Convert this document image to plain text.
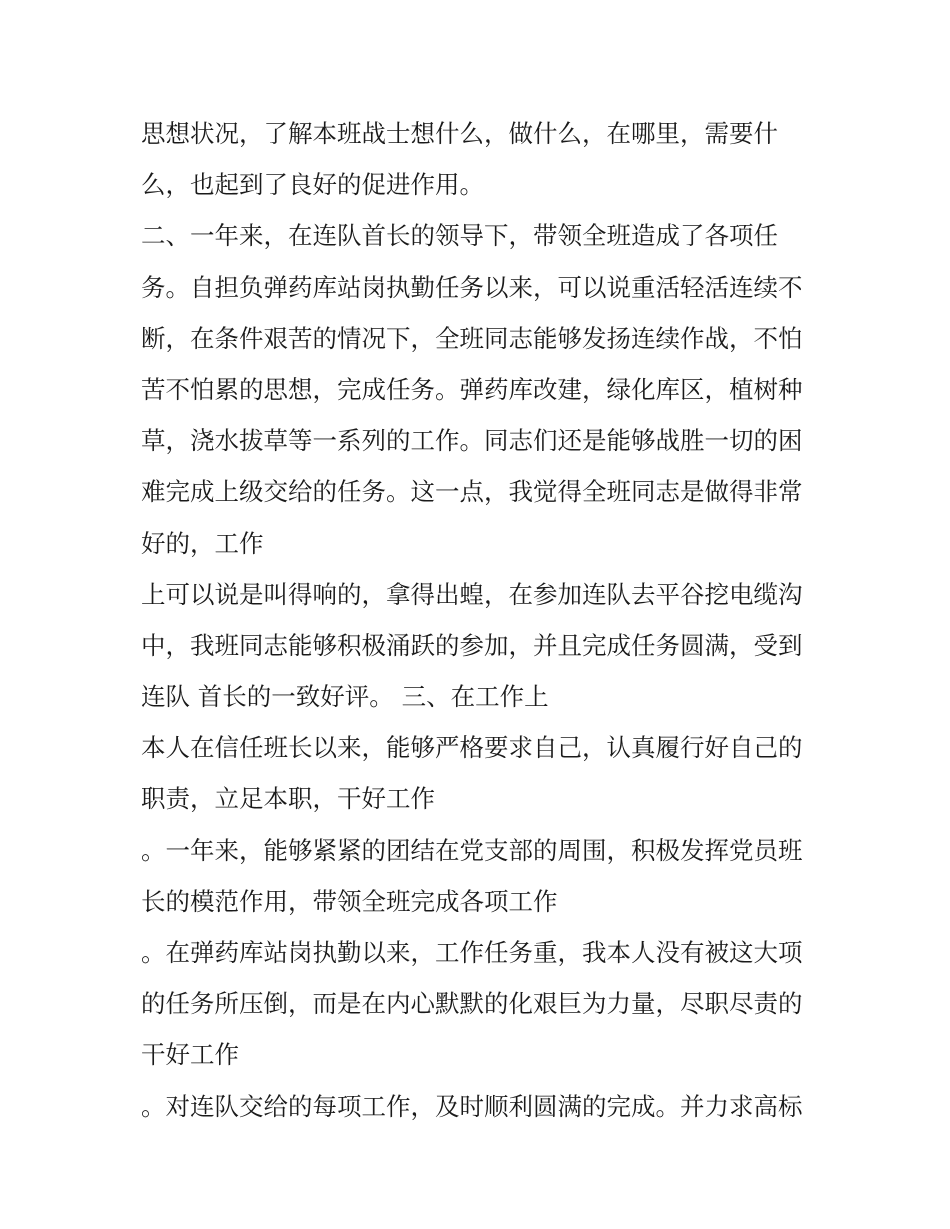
思想状况，了解本班战士想什么，做什么，在哪里，需要什
么，也起到了良好的促进作用。
二、一年来，在连队首长的领导下，带领全班造成了各项任
务。自担负弹药库站岗执勤任务以来，可以说重活轻活连续不
断，在条件艰苦的情况下，全班同志能够发扬连续作战，不怕
苦不怕累的思想，完成任务。弹药库改建，绿化库区，植树种
草，浇水拔草等一系列的工作。同志们还是能够战胜一切的困
难完成上级交给的任务。这一点，我觉得全班同志是做得非常
好的，工作
上可以说是叫得响的，拿得出蝗，在参加连队去平谷挖电缆沟
中，我班同志能够积极涌跃的参加，并且完成任务圆满，受到
连队 首长的一致好评。 三、在工作上
本人在信任班长以来，能够严格要求自己，认真履行好自己的
职责，立足本职，干好工作
。一年来，能够紧紧的团结在党支部的周围，积极发挥党员班
长的模范作用，带领全班完成各项工作
。在弹药库站岗执勤以来，工作任务重，我本人没有被这大项
的任务所压倒，而是在内心默默的化艰巨为力量，尽职尽责的
干好工作
。对连队交给的每项工作，及时顺利圆满的完成。并力求高标
